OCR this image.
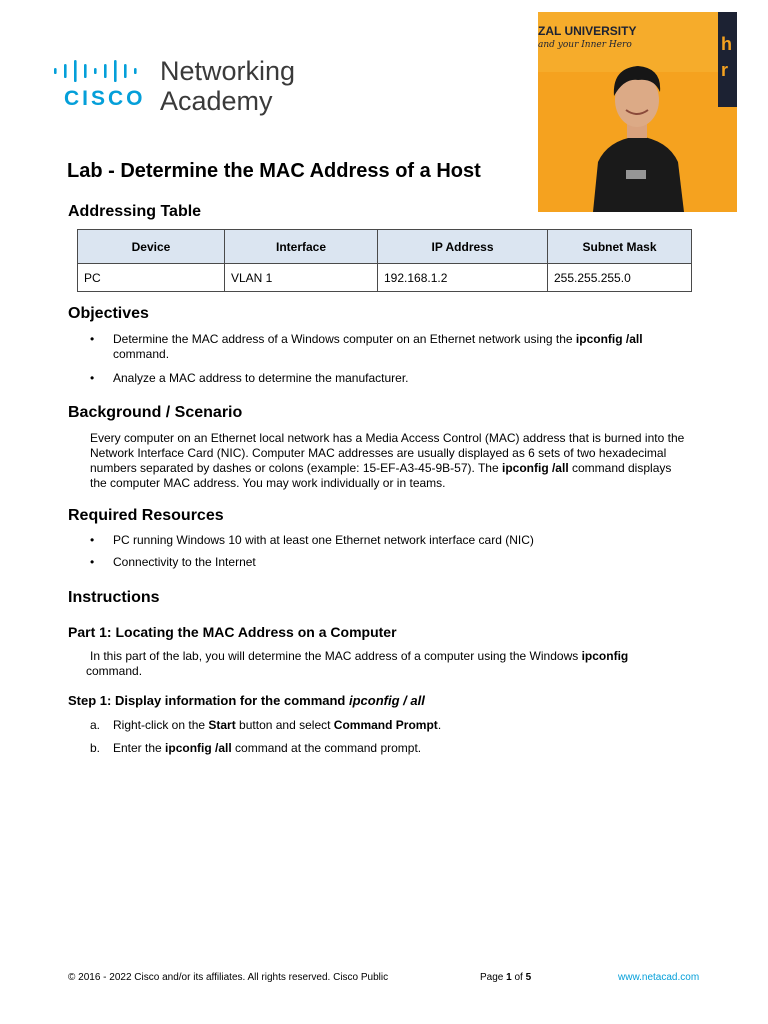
CISCO
Networking
Academy
h
r
ZAL UNIVERSITY
and your Inner Hero
Lab - Determine the MAC Address of a Host
Addressing Table
Device	Interface	IP Address	Subnet Mask
PC	VLAN 1	192.168.1.2	255.255.255.0
Objectives
• Determine the MAC address of a Windows computer on an Ethernet network using the ipconfig /all
command.
• Analyze a MAC address to determine the manufacturer.
Background / Scenario
Every computer on an Ethernet local network has a Media Access Control (MAC) address that is burned into the Network Interface Card (NIC). Computer MAC addresses are usually displayed as 6 sets of two hexadecimal numbers separated by dashes or colons (example: 15-EF-A3-45-9B-57). The ipconfig /all command displays the computer MAC address. You may work individually or in teams.
Required Resources
• PC running Windows 10 with at least one Ethernet network interface card (NIC)
• Connectivity to the Internet
Instructions
Part 1: Locating the MAC Address on a Computer
In this part of the lab, you will determine the MAC address of a computer using the Windows ipconfig
command.
Step 1: Display information for the command ipconfig / all
a. Right-click on the Start button and select Command Prompt.
b. Enter the ipconfig /all command at the command prompt.
© 2016 - 2022 Cisco and/or its affiliates. All rights reserved. Cisco Public	Page 1 of 5	www.netacad.com
